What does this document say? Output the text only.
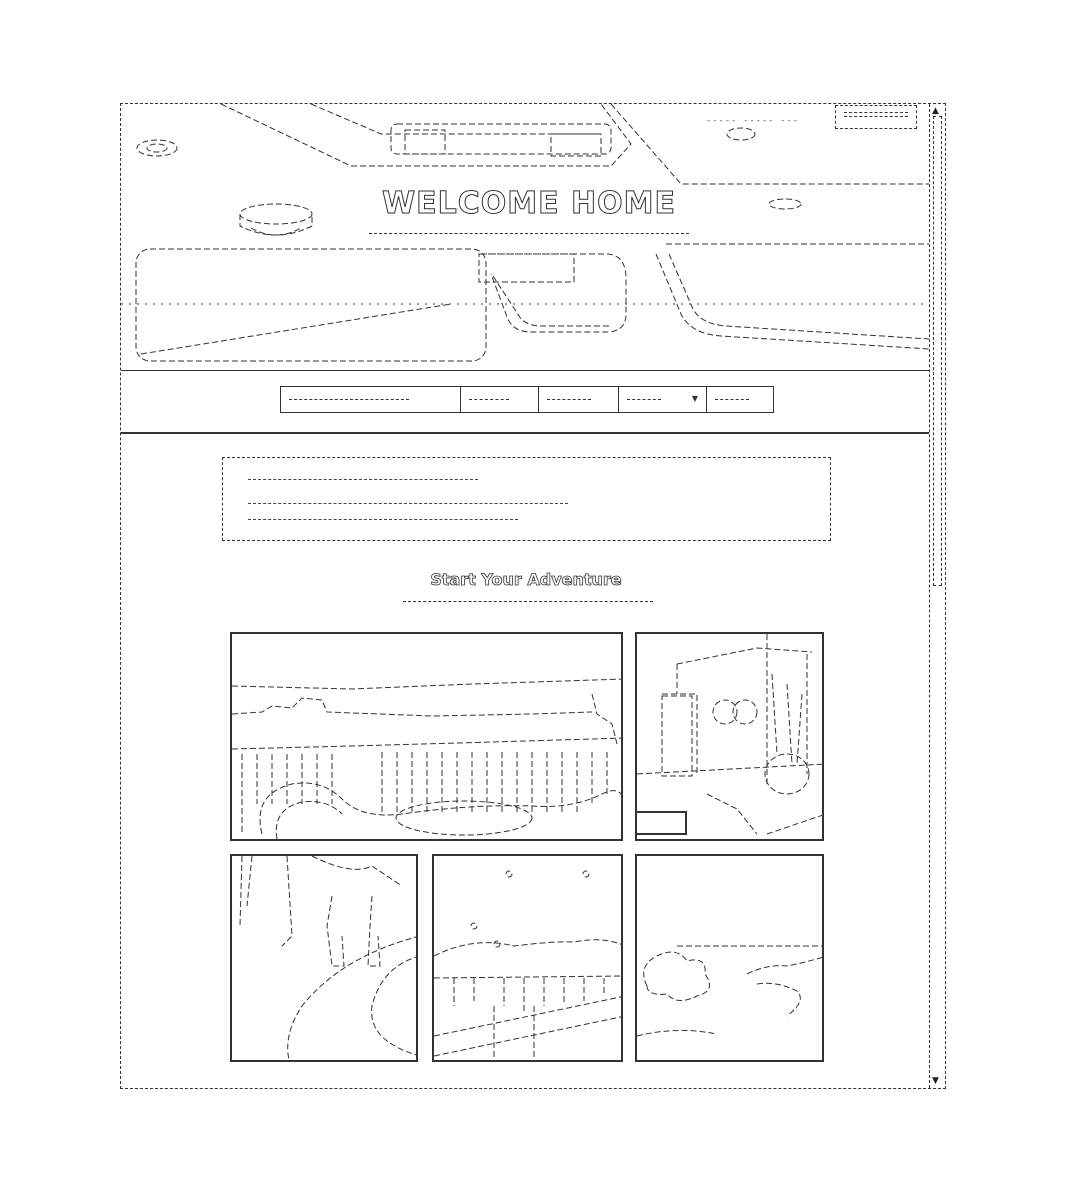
----- ----- ---
WELCOME HOME
▼
▲
▼
Start Your Adventure
